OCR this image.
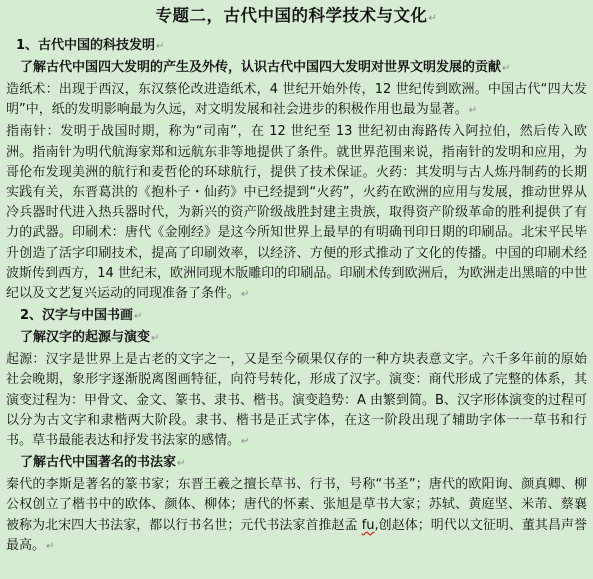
专题二，古代中国的科学技术与文化↵
1、古代中国的科技发明↵
了解古代中国四大发明的产生及外传，认识古代中国四大发明对世界文明发展的贡献↵

造纸术：出现于西汉，东汉蔡伦改进造纸术，4 世纪开始外传，12 世纪传到欧洲。中国古代“四大发明”中，纸的发明影响最为久远，对文明发展和社会进步的积极作用也最为显著。↵

指南针：发明于战国时期，称为“司南”，在 12 世纪至 13 世纪初由海路传入阿拉伯，然后传入欧洲。指南针为明代航海家郑和远航东非等地提供了条件。就世界范围来说，指南针的发明和应用，为哥伦布发现美洲的航行和麦哲伦的环球航行，提供了技术保证。火药：其发明与古人炼丹制药的长期实践有关，东晋葛洪的《抱朴子・仙药》中已经提到“火药”，火药在欧洲的应用与发展，推动世界从冷兵器时代进入热兵器时代，为新兴的资产阶级战胜封建主贵族，取得资产阶级革命的胜利提供了有力的武器。印刷术：唐代《金刚经》是这今所知世界上最早的有明确刊印日期的印刷品。北宋平民毕升创造了活字印刷技术，提高了印刷效率，以经济、方便的形式推动了文化的传播。中国的印刷术经波斯传到西方，14 世纪末，欧洲同现木版雕印的印刷品。印刷术传到欧洲后，为欧洲走出黑暗的中世纪以及文艺复兴运动的同现准备了条件。↵

2、汉字与中国书画↵
了解汉字的起源与演变↵

起源：汉字是世界上是古老的文字之一，又是至今硕果仅存的一种方块表意文字。六千多年前的原始社会晚期，象形字逐渐脱离图画特征，向符号转化，形成了汉字。演变：商代形成了完整的体系，其演变过程为：甲骨文、金文、篆书、隶书、楷书。演变趋势：A 由繁到简。B、汉字形体演变的过程可以分为古文字和隶楷两大阶段。隶书、楷书是正式字体，在这一阶段出现了辅助字体一一草书和行书。草书最能表达和抒发书法家的感情。↵

了解古代中国著名的书法家↵

秦代的李斯是著名的篆书家；东晋王羲之擅长草书、行书，号称“书圣”；唐代的欧阳询、颜真卿、柳公权创立了楷书中的欧体、颜体、柳体；唐代的怀素、张旭是草书大家；苏轼、黄庭坚、米芾、蔡襄被称为北宋四大书法家，都以行书名世；元代书法家首推赵孟 fu,创赵体；明代以文征明、董其昌声誉最高。↵
